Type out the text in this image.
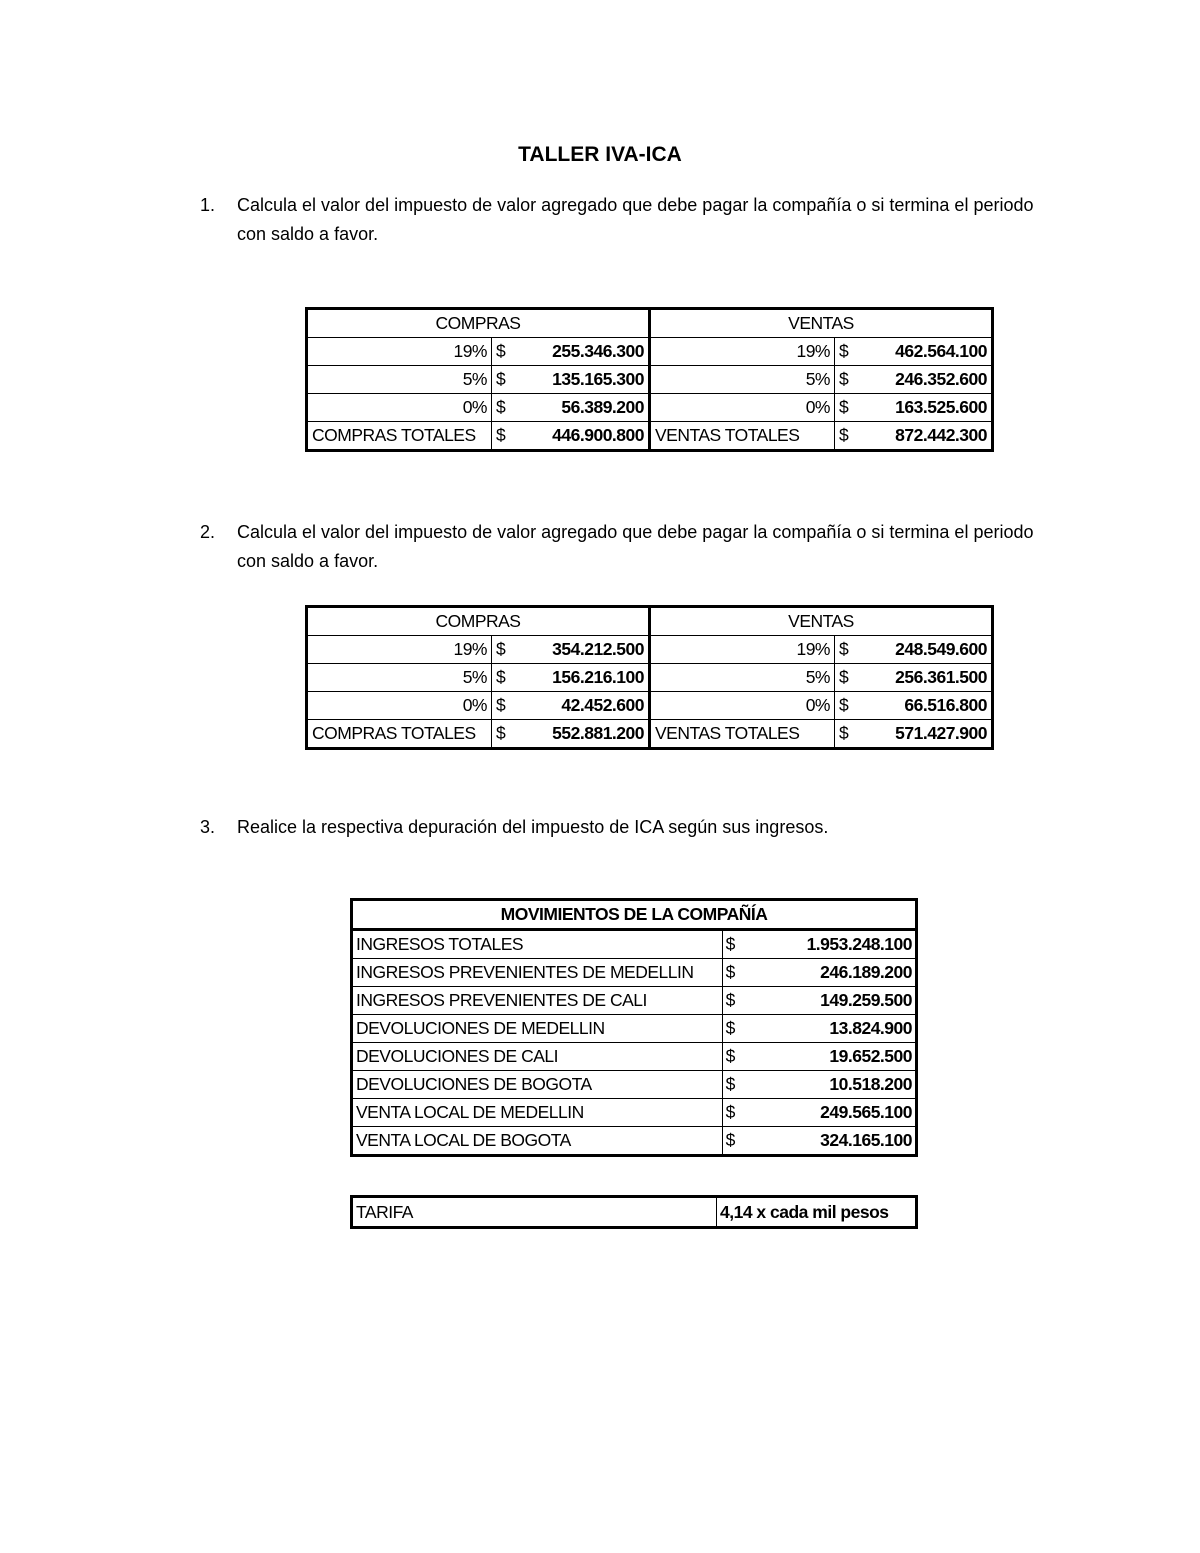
TALLER IVA-ICA
1. Calcula el valor del impuesto de valor agregado que debe pagar la compañía o si termina el periodo con saldo a favor.
COMPRAS		VENTAS	
19%	$ 255.346.300	19%	$ 462.564.100

5%	$ 135.165.300	5%	$ 246.352.600

0%	$ 56.389.200	0%	$ 163.525.600

COMPRAS TOTALES	$ 446.900.800	VENTAS TOTALES	$ 872.442.300
2. Calcula el valor del impuesto de valor agregado que debe pagar la compañía o si termina el periodo con saldo a favor.
COMPRAS		VENTAS	
19%	$ 354.212.500	19%	$ 248.549.600

5%	$ 156.216.100	5%	$ 256.361.500

0%	$ 42.452.600	0%	$ 66.516.800

COMPRAS TOTALES	$ 552.881.200	VENTAS TOTALES	$ 571.427.900
3. Realice la respectiva depuración del impuesto de ICA según sus ingresos.
MOVIMIENTOS DE LA COMPAÑÍA	
INGRESOS TOTALES	$ 1.953.248.100

INGRESOS PREVENIENTES DE MEDELLIN	$ 246.189.200

INGRESOS PREVENIENTES DE CALI	$ 149.259.500

DEVOLUCIONES DE MEDELLIN	$ 13.824.900

DEVOLUCIONES DE CALI	$ 19.652.500

DEVOLUCIONES DE BOGOTA	$ 10.518.200

VENTA LOCAL DE MEDELLIN	$ 249.565.100

VENTA LOCAL DE BOGOTA	$ 324.165.100
TARIFA	4,14 x cada mil pesos
